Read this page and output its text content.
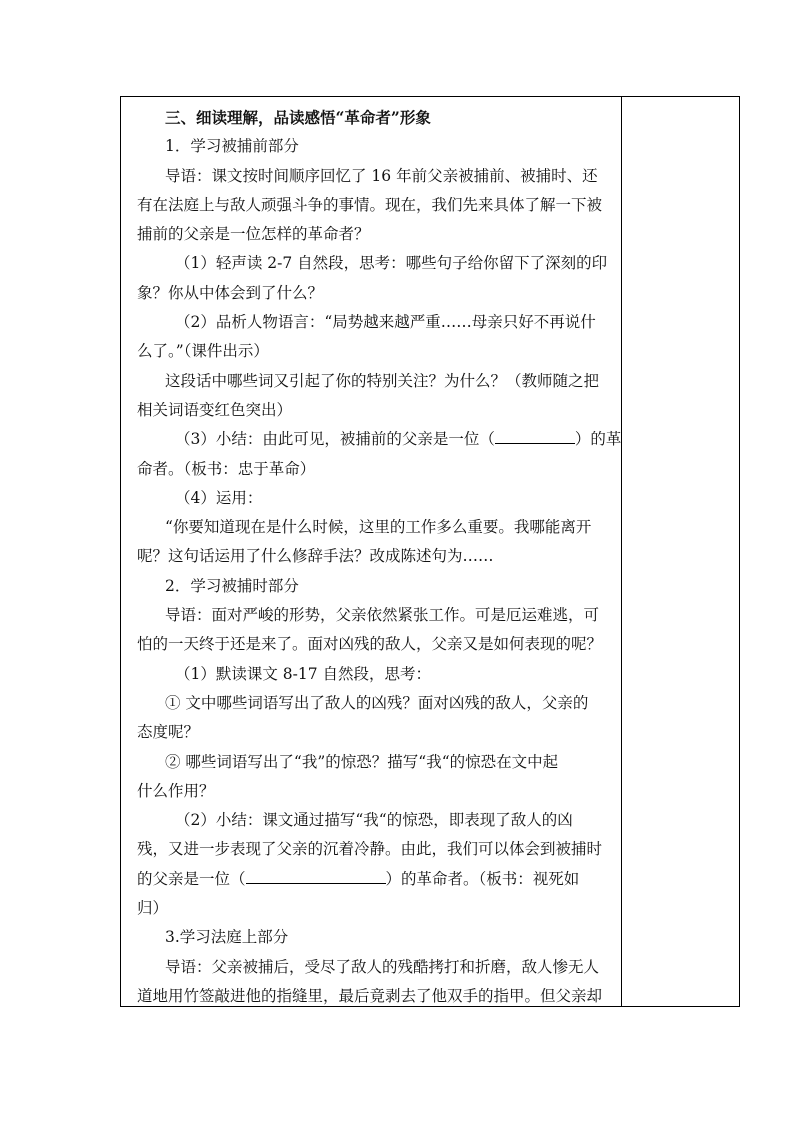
三、细读理解，品读感悟“革命者”形象
1．学习被捕前部分
导语：课文按时间顺序回忆了 16 年前父亲被捕前、被捕时、还
有在法庭上与敌人顽强斗争的事情。现在，我们先来具体了解一下被
捕前的父亲是一位怎样的革命者？
（1）轻声读 2-7 自然段，思考：哪些句子给你留下了深刻的印
象？你从中体会到了什么？
（2）品析人物语言：“局势越来越严重……母亲只好不再说什
么了。”（课件出示）
这段话中哪些词又引起了你的特别关注？为什么？（教师随之把
相关词语变红色突出）
（3）小结：由此可见，被捕前的父亲是一位（	）的革
命者。（板书：忠于革命）
（4）运用：
“你要知道现在是什么时候，这里的工作多么重要。我哪能离开
呢？这句话运用了什么修辞手法？改成陈述句为……
2．学习被捕时部分
导语：面对严峻的形势，父亲依然紧张工作。可是厄运难逃，可
怕的一天终于还是来了。面对凶残的敌人，父亲又是如何表现的呢？
（1）默读课文 8-17 自然段，思考：
① 文中哪些词语写出了敌人的凶残？面对凶残的敌人，父亲的
态度呢？
② 哪些词语写出了“我”的惊恐？描写“我“的惊恐在文中起
什么作用？
（2）小结：课文通过描写“我“的惊恐，即表现了敌人的凶
残，又进一步表现了父亲的沉着冷静。由此，我们可以体会到被捕时
的父亲是一位（	）的革命者。（板书：视死如
归）
3.学习法庭上部分
导语：父亲被捕后，受尽了敌人的残酷拷打和折磨，敌人惨无人
道地用竹签敲进他的指缝里，最后竟剥去了他双手的指甲。但父亲却
